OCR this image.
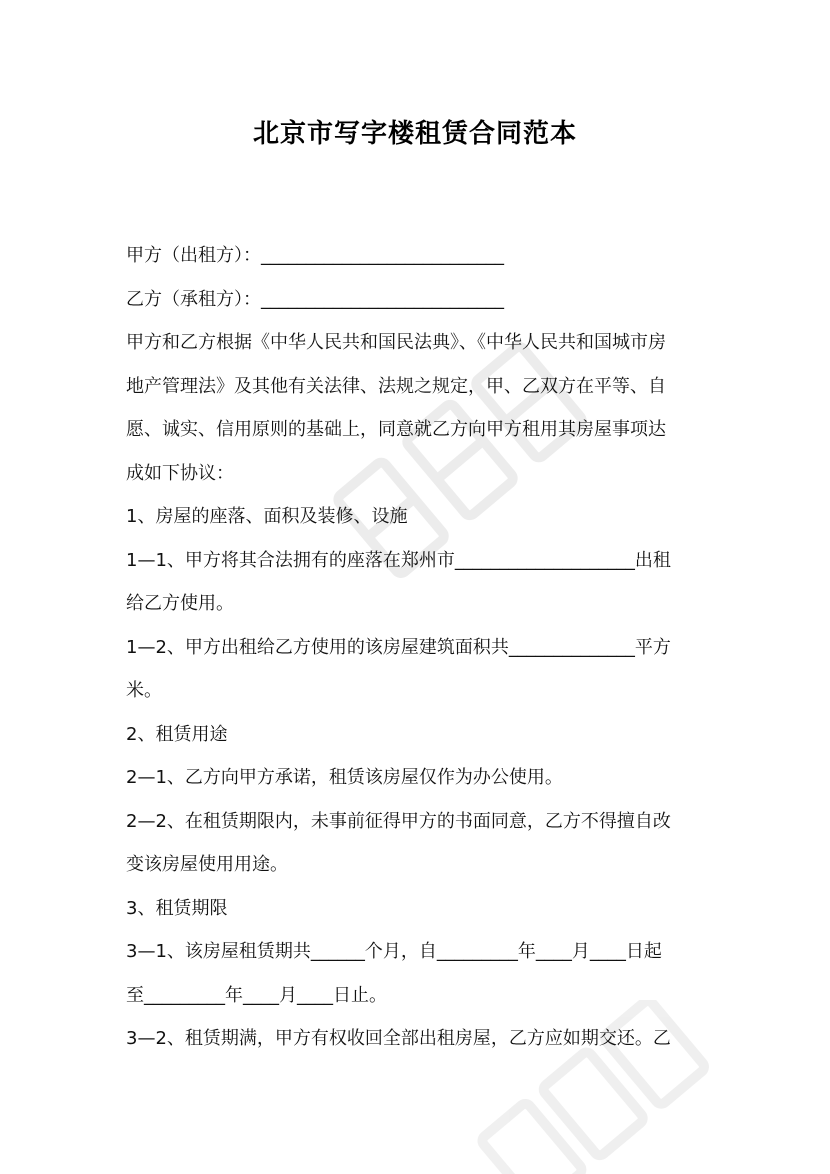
北京市写字楼租赁合同范本
甲方（出租方）：___________________________
乙方（承租方）：___________________________
甲方和乙方根据《中华人民共和国民法典》、《中华人民共和国城市房
地产管理法》及其他有关法律、法规之规定，甲、乙双方在平等、自
愿、诚实、信用原则的基础上，同意就乙方向甲方租用其房屋事项达
成如下协议：
1、房屋的座落、面积及装修、设施
1—1、甲方将其合法拥有的座落在郑州市____________________出租
给乙方使用。
1—2、甲方出租给乙方使用的该房屋建筑面积共______________平方
米。
2、租赁用途
2—1、乙方向甲方承诺，租赁该房屋仅作为办公使用。
2—2、在租赁期限内，未事前征得甲方的书面同意，乙方不得擅自改
变该房屋使用用途。
3、租赁期限
3—1、该房屋租赁期共______个月，自_________年____月____日起
至_________年____月____日止。
3—2、租赁期满，甲方有权收回全部出租房屋，乙方应如期交还。乙
